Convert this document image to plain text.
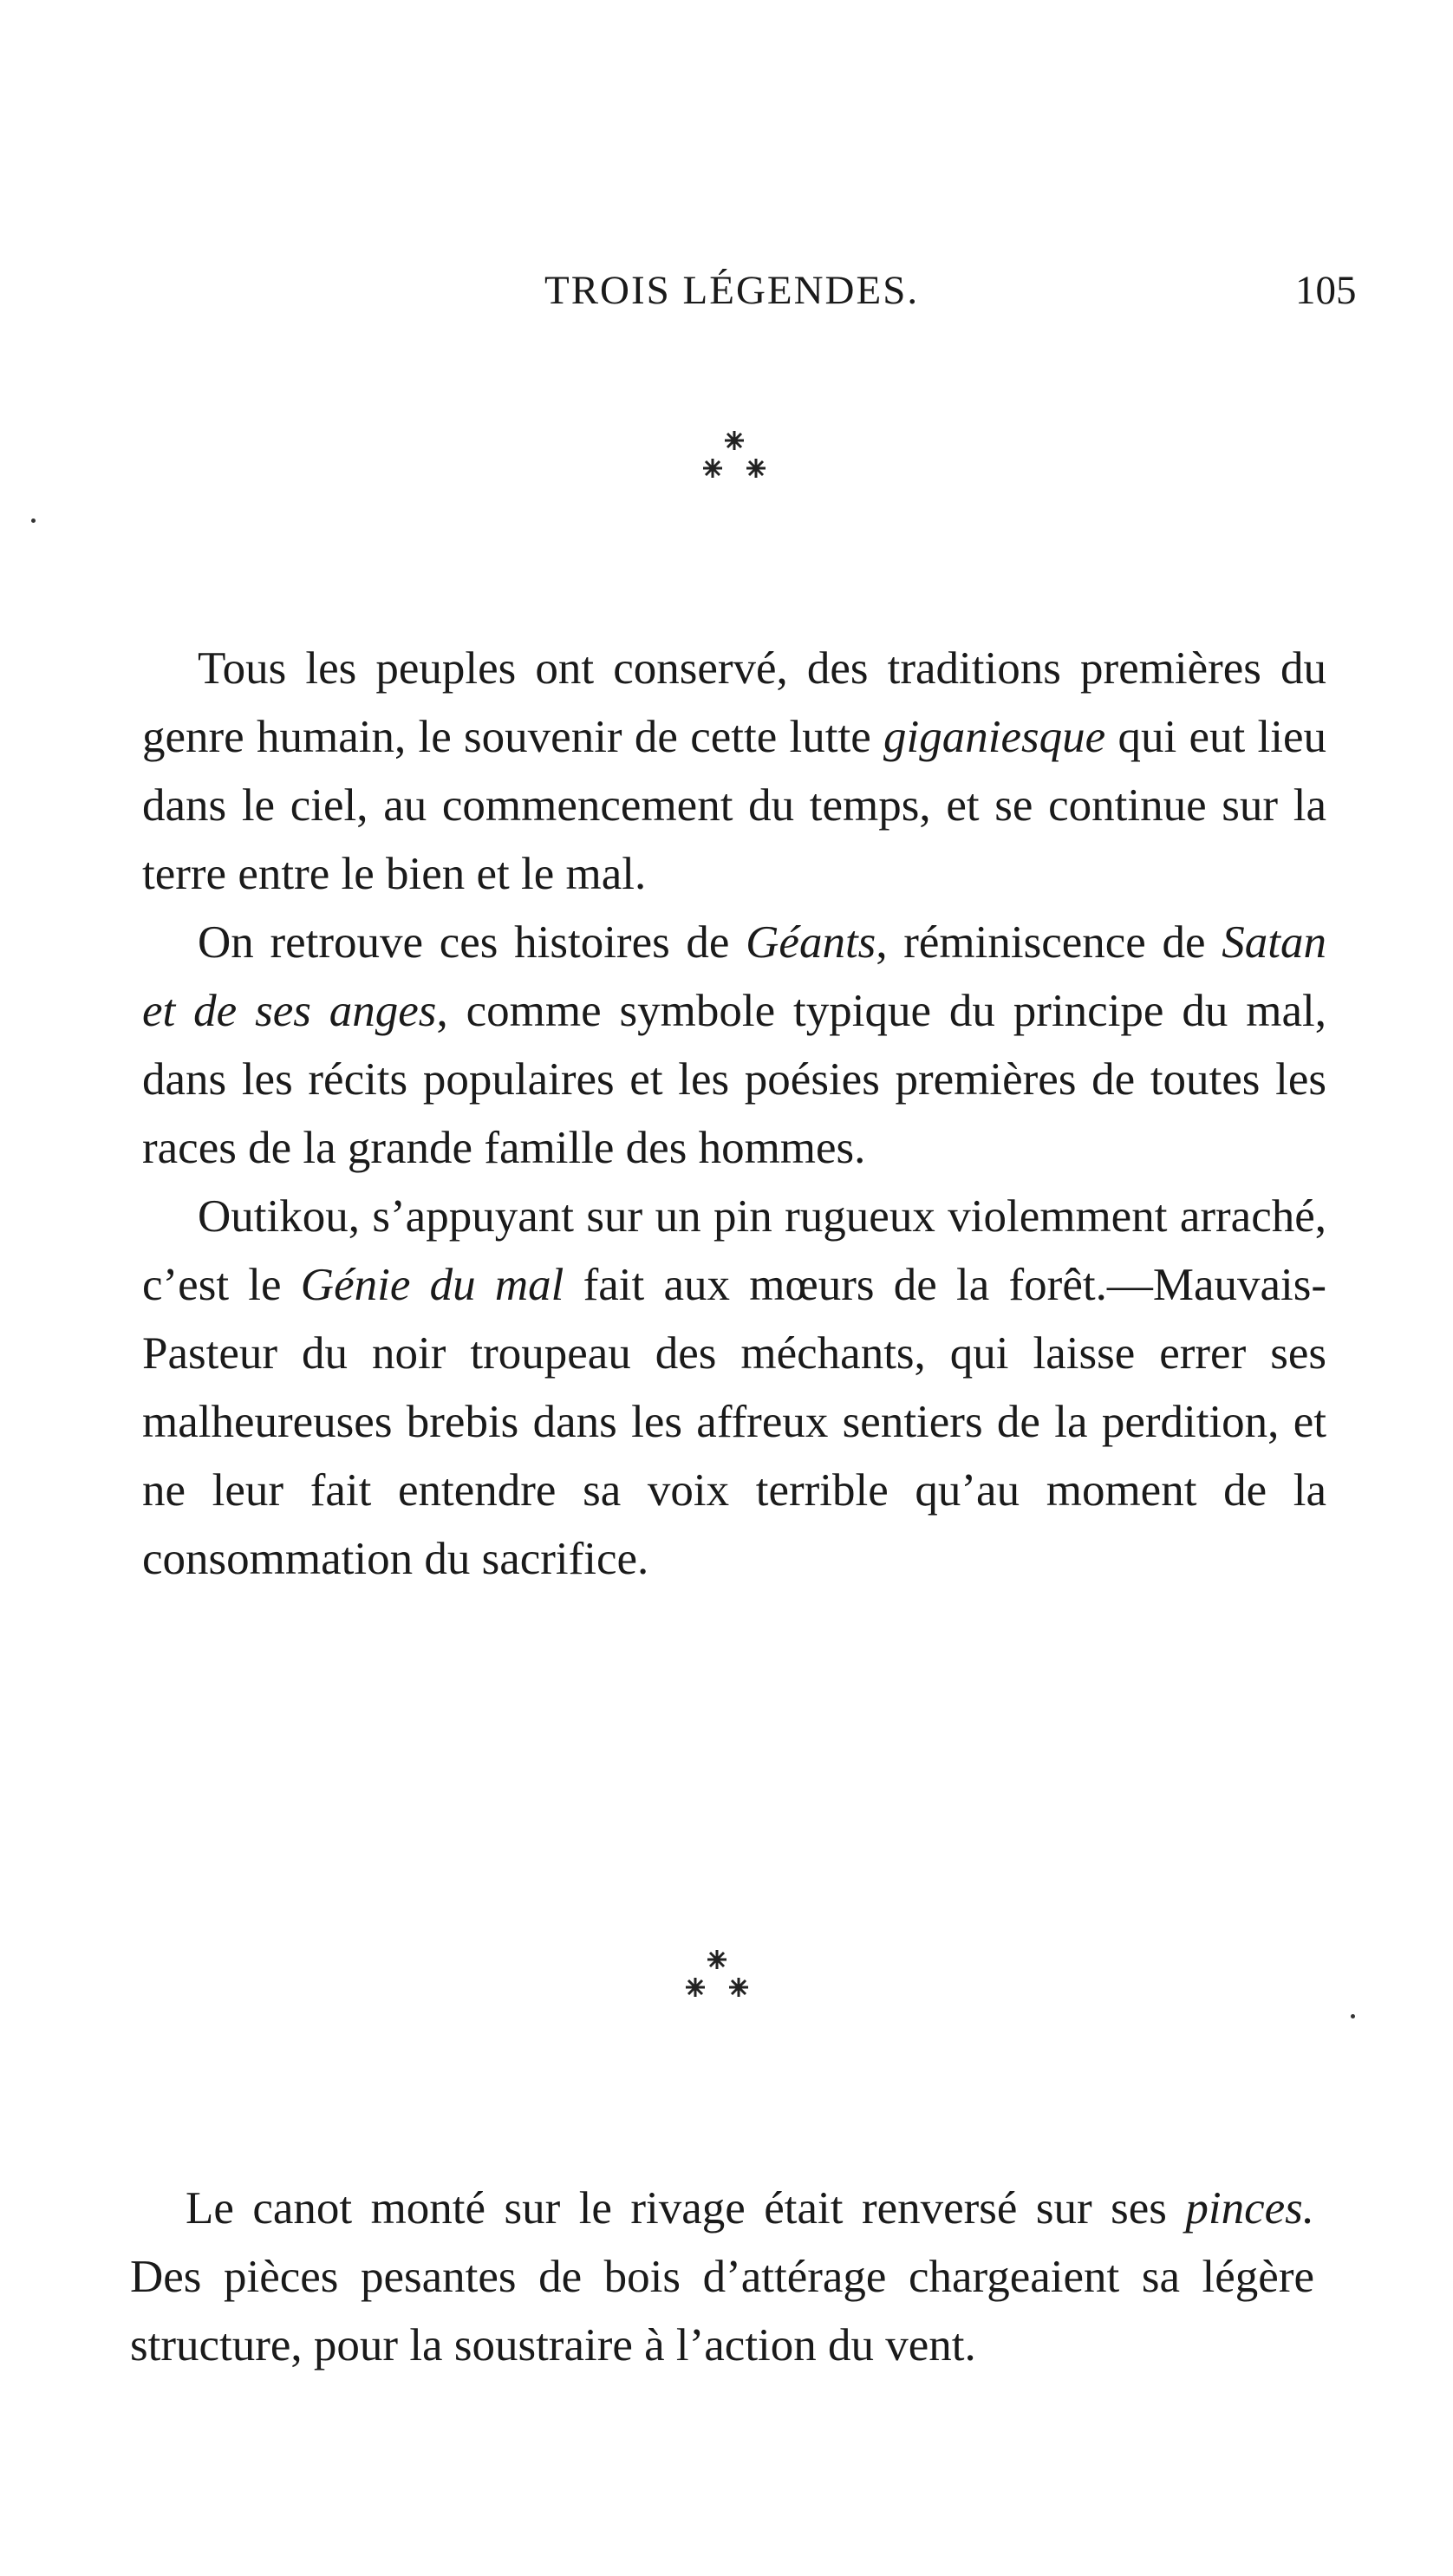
TROIS LÉGENDES.	105

Tous les peuples ont conservé, des traditions premières du genre humain, le souvenir de cette lutte giganiesque qui eut lieu dans le ciel, au commencement du temps, et se continue sur la terre entre le bien et le mal.

On retrouve ces histoires de Géants, réminiscence de Satan et de ses anges, comme symbole typique du principe du mal, dans les récits populaires et les poésies premières de toutes les races de la grande famille des hommes.

Outikou, s’appuyant sur un pin rugueux violemment arraché, c’est le Génie du mal fait aux mœurs de la forêt.—Mauvais-Pasteur du noir troupeau des méchants, qui laisse errer ses malheureuses brebis dans les affreux sentiers de la perdition, et ne leur fait entendre sa voix terrible qu’au moment de la consommation du sacrifice.

Le canot monté sur le rivage était renversé sur ses pinces. Des pièces pesantes de bois d’attérage chargeaient sa légère structure, pour la soustraire à l’action du vent.
